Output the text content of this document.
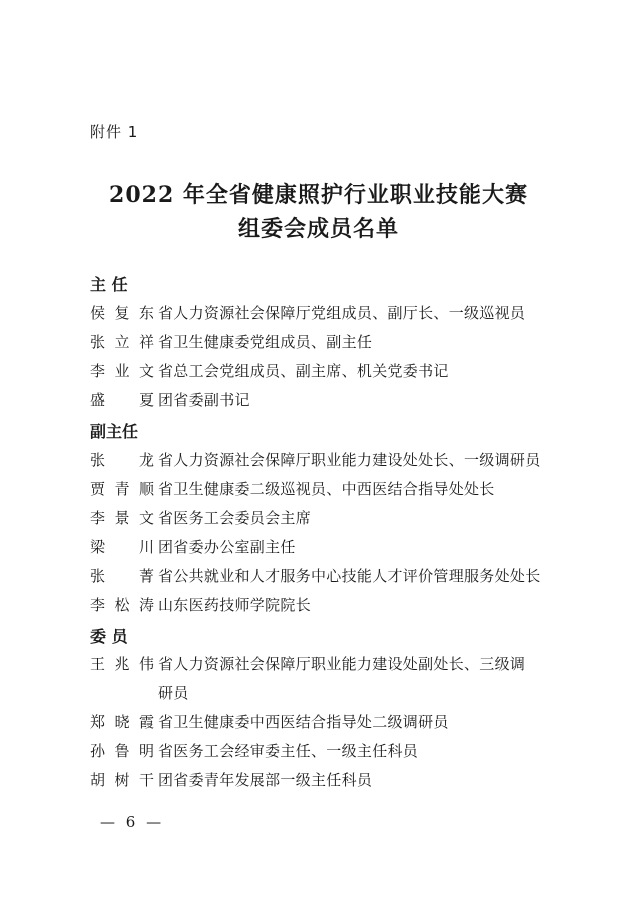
附件 1
2022 年全省健康照护行业职业技能大赛
组委会成员名单
主 任
侯复东 省人力资源社会保障厅党组成员、副厅长、一级巡视员
张立祥 省卫生健康委党组成员、副主任
李业文 省总工会党组成员、副主席、机关党委书记
盛 夏 团省委副书记
副主任
张 龙 省人力资源社会保障厅职业能力建设处处长、一级调研员
贾青顺 省卫生健康委二级巡视员、中西医结合指导处处长
李景文 省医务工会委员会主席
梁 川 团省委办公室副主任
张 菁 省公共就业和人才服务中心技能人才评价管理服务处处长
李松涛 山东医药技师学院院长
委 员
王兆伟 省人力资源社会保障厅职业能力建设处副处长、三级调
研员
郑晓霞 省卫生健康委中西医结合指导处二级调研员
孙鲁明 省医务工会经审委主任、一级主任科员
胡树干 团省委青年发展部一级主任科员
— 6 —
